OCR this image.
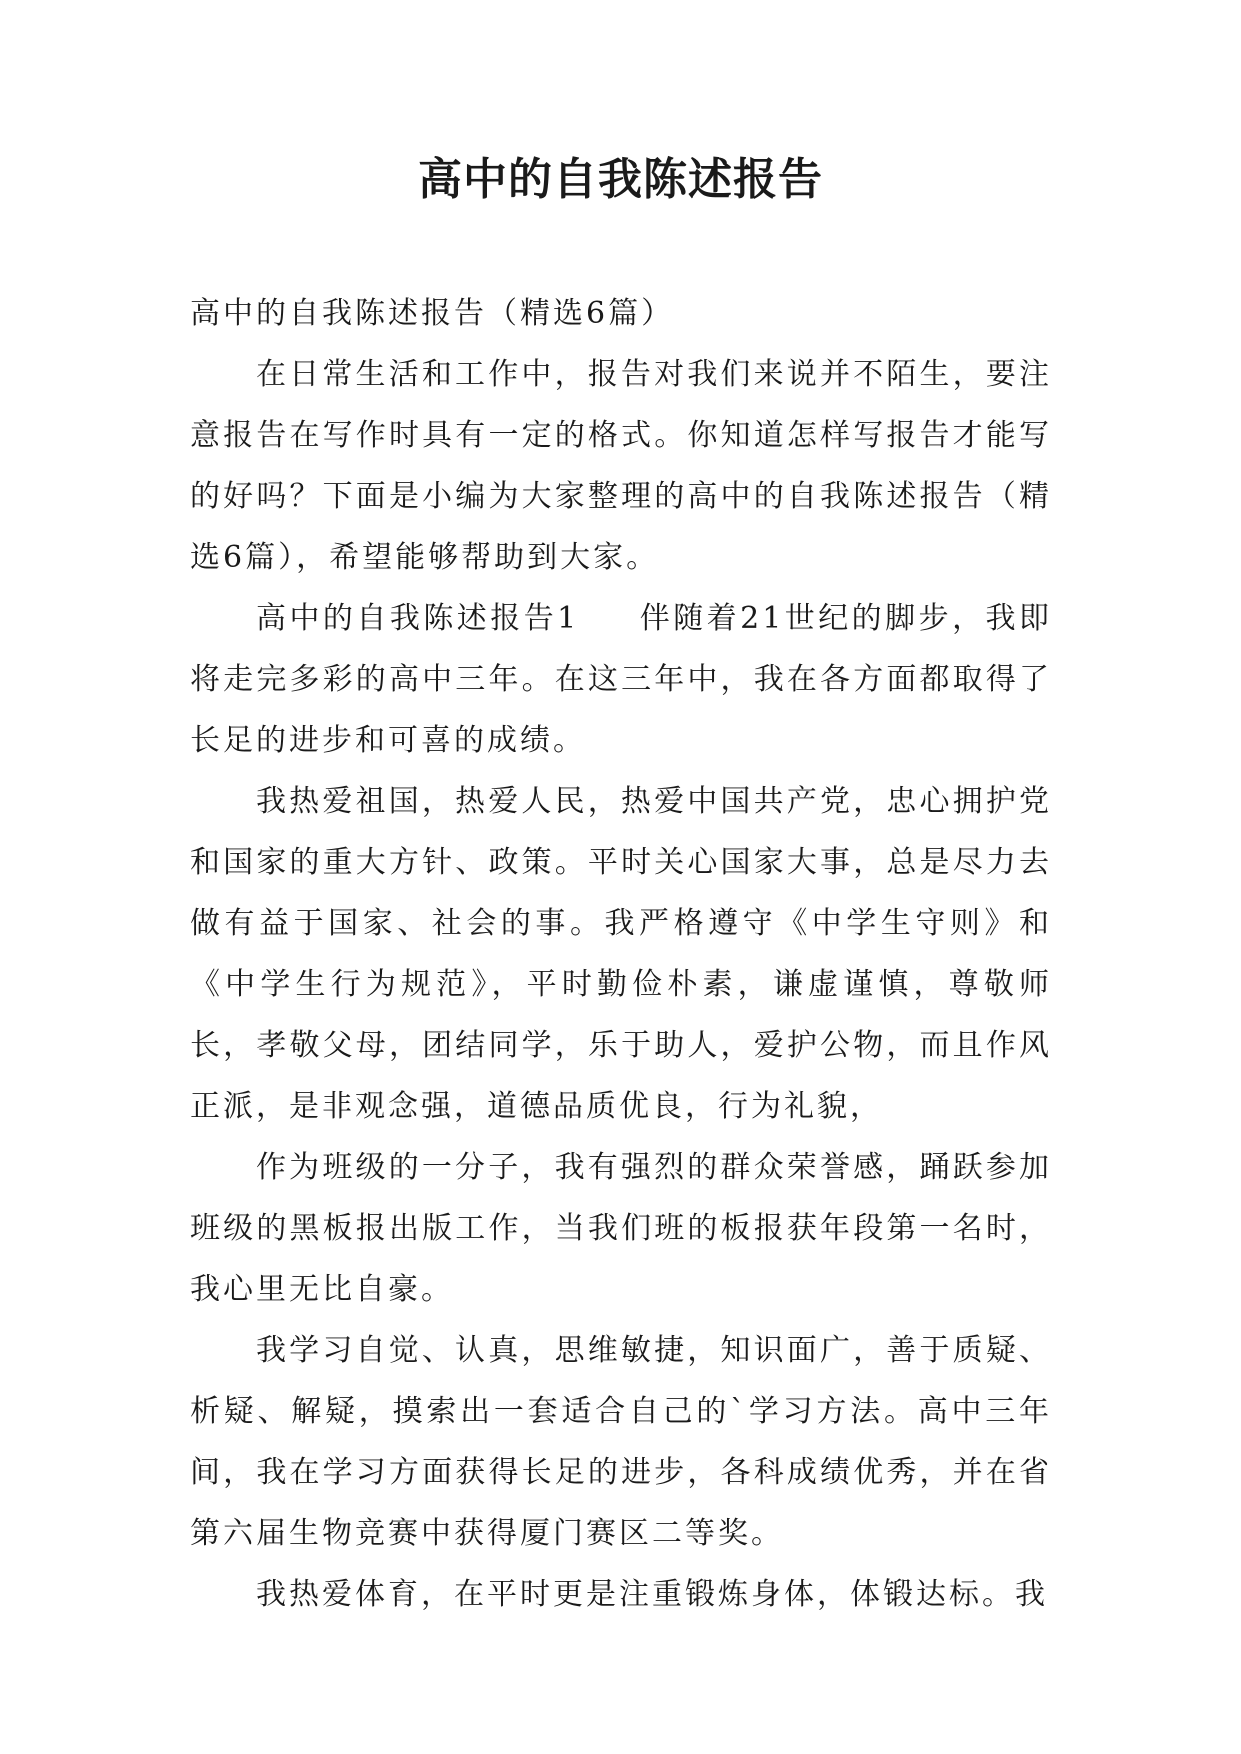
高中的自我陈述报告

高中的自我陈述报告（精选6篇）

在日常生活和工作中，报告对我们来说并不陌生，要注意报告在写作时具有一定的格式。你知道怎样写报告才能写的好吗？下面是小编为大家整理的高中的自我陈述报告（精选6篇），希望能够帮助到大家。

高中的自我陈述报告1 伴随着21世纪的脚步，我即将走完多彩的高中三年。在这三年中，我在各方面都取得了长足的进步和可喜的成绩。

我热爱祖国，热爱人民，热爱中国共产党，忠心拥护党和国家的重大方针、政策。平时关心国家大事，总是尽力去做有益于国家、社会的事。我严格遵守《中学生守则》和《中学生行为规范》，平时勤俭朴素，谦虚谨慎，尊敬师长，孝敬父母，团结同学，乐于助人，爱护公物，而且作风正派，是非观念强，道德品质优良，行为礼貌，

作为班级的一分子，我有强烈的群众荣誉感，踊跃参加班级的黑板报出版工作，当我们班的板报获年段第一名时，我心里无比自豪。

我学习自觉、认真，思维敏捷，知识面广，善于质疑、析疑、解疑，摸索出一套适合自己的`学习方法。高中三年间，我在学习方面获得长足的进步，各科成绩优秀，并在省第六届生物竞赛中获得厦门赛区二等奖。

我热爱体育，在平时更是注重锻炼身体，体锻达标。我
